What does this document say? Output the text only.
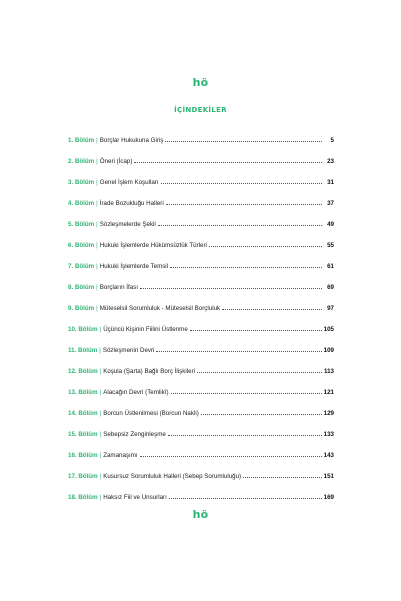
hö
İÇİNDEKİLER
1. Bölüm | Borçlar Hukukuna Giriş	5
2. Bölüm | Öneri (İcap)	23
3. Bölüm | Genel İşlem Koşulları	31
4. Bölüm | İrade Bozukluğu Halleri	37
5. Bölüm | Sözleşmelerde Şekil	49
6. Bölüm | Hukuki İşlemlerde Hükümsüzlük Türleri	55
7. Bölüm | Hukuki İşlemlerde Temsil	61
8. Bölüm | Borçların İfası	69
9. Bölüm | Müteselsil Sorumluluk - Müteselsil Borçluluk	97
10. Bölüm | Üçüncü Kişinin Fiilini Üstlenme	105
11. Bölüm | Sözleşmenin Devri	109
12. Bölüm | Koşula (Şarta) Bağlı Borç İlişkileri	113
13. Bölüm | Alacağın Devri (Temlikî)	121
14. Bölüm | Borcun Üstlenilmesi (Borcun Nakli)	129
15. Bölüm | Sebepsiz Zenginleşme	133
16. Bölüm | Zamanaşımı	143
17. Bölüm | Kusursuz Sorumluluk Halleri (Sebep Sorumluluğu)	151
18. Bölüm | Haksız Fiil ve Unsurları	169
hö
